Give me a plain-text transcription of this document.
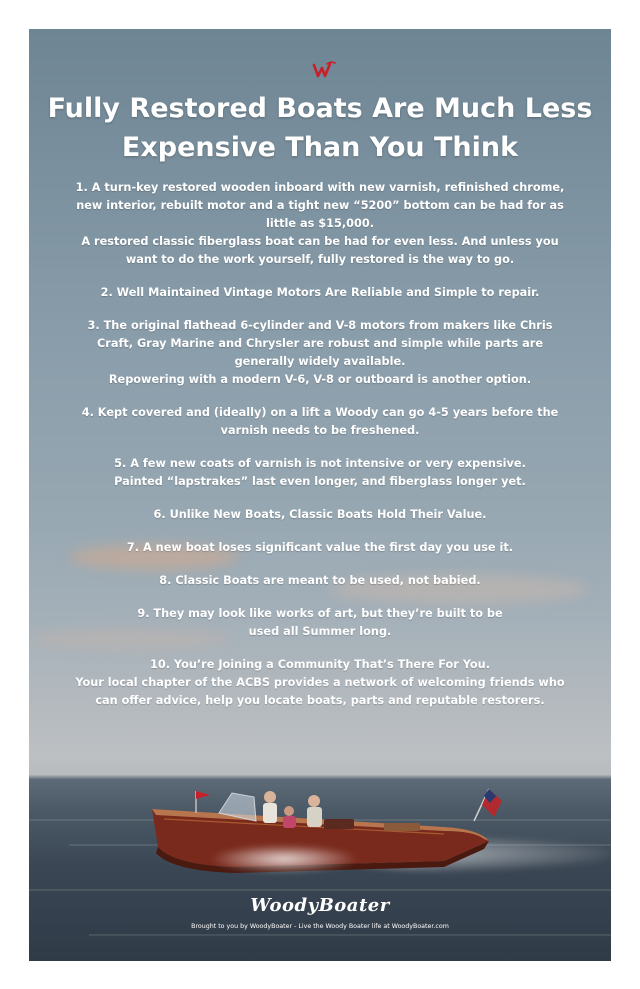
Fully Restored Boats Are Much Less Expensive Than You Think

1. A turn-key restored wooden inboard with new varnish, refinished chrome, new interior, rebuilt motor and a tight new “5200” bottom can be had for as little as $15,000.

A restored classic fiberglass boat can be had for even less. And unless you want to do the work yourself, fully restored is the way to go.

2. Well Maintained Vintage Motors Are Reliable and Simple to repair.

3. The original flathead 6-cylinder and V-8 motors from makers like Chris Craft, Gray Marine and Chrysler are robust and simple while parts are generally widely available.

Repowering with a modern V-6, V-8 or outboard is another option.

4. Kept covered and (ideally) on a lift a Woody can go 4-5 years before the varnish needs to be freshened.

5. A few new coats of varnish is not intensive or very expensive.

Painted “lapstrakes” last even longer, and fiberglass longer yet.

6. Unlike New Boats, Classic Boats Hold Their Value.

7. A new boat loses significant value the first day you use it.

8. Classic Boats are meant to be used, not babied.

9. They may look like works of art, but they’re built to be used all Summer long.

10. You’re Joining a Community That’s There For You.

Your local chapter of the ACBS provides a network of welcoming friends who can offer advice, help you locate boats, parts and reputable restorers.

WoodyBoater
Brought to you by WoodyBoater - Live the Woody Boater life at WoodyBoater.com
